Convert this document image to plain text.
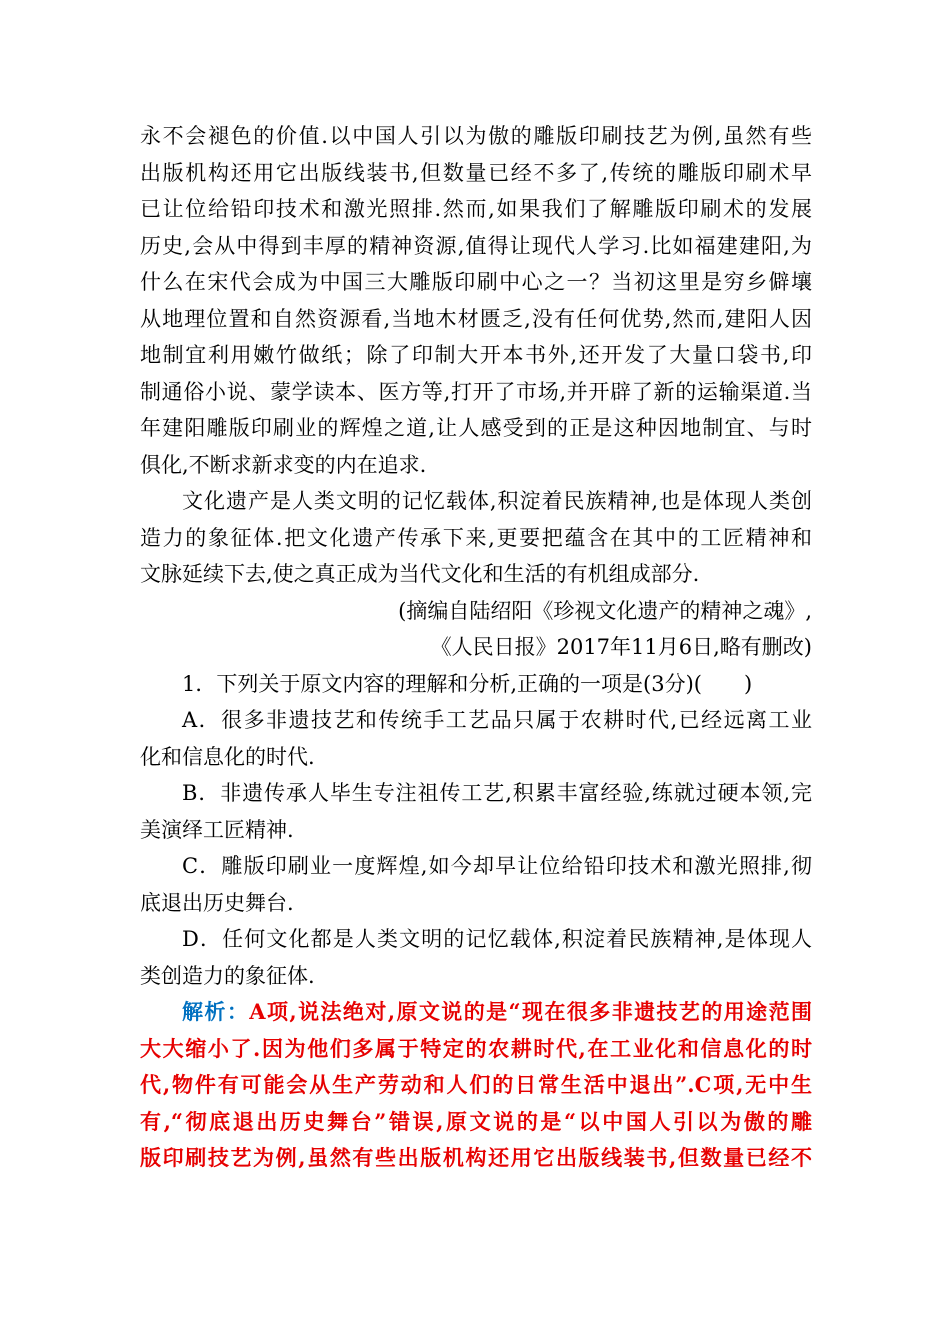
永不会褪色的价值.以中国人引以为傲的雕版印刷技艺为例,虽然有些

出版机构还用它出版线装书,但数量已经不多了,传统的雕版印刷术早

已让位给铅印技术和激光照排.然而,如果我们了解雕版印刷术的发展

历史,会从中得到丰厚的精神资源,值得让现代人学习.比如福建建阳,为

什么在宋代会成为中国三大雕版印刷中心之一？当初这里是穷乡僻壤

从地理位置和自然资源看,当地木材匮乏,没有任何优势,然而,建阳人因

地制宜利用嫩竹做纸；除了印制大开本书外,还开发了大量口袋书,印

制通俗小说、蒙学读本、医方等,打开了市场,并开辟了新的运输渠道.当

年建阳雕版印刷业的辉煌之道,让人感受到的正是这种因地制宜、与时

俱化,不断求新求变的内在追求.

文化遗产是人类文明的记忆载体,积淀着民族精神,也是体现人类创

造力的象征体.把文化遗产传承下来,更要把蕴含在其中的工匠精神和

文脉延续下去,使之真正成为当代文化和生活的有机组成部分.

(摘编自陆绍阳《珍视文化遗产的精神之魂》,

《人民日报》2017年11月6日,略有删改)

1．下列关于原文内容的理解和分析,正确的一项是(3分)(　　)

A．很多非遗技艺和传统手工艺品只属于农耕时代,已经远离工业

化和信息化的时代.

B．非遗传承人毕生专注祖传工艺,积累丰富经验,练就过硬本领,完

美演绎工匠精神.

C．雕版印刷业一度辉煌,如今却早让位给铅印技术和激光照排,彻

底退出历史舞台.

D．任何文化都是人类文明的记忆载体,积淀着民族精神,是体现人

类创造力的象征体.

解析：A项,说法绝对,原文说的是“现在很多非遗技艺的用途范围

大大缩小了.因为他们多属于特定的农耕时代,在工业化和信息化的时

代,物件有可能会从生产劳动和人们的日常生活中退出”.C项,无中生

有,“彻底退出历史舞台”错误,原文说的是“以中国人引以为傲的雕

版印刷技艺为例,虽然有些出版机构还用它出版线装书,但数量已经不
